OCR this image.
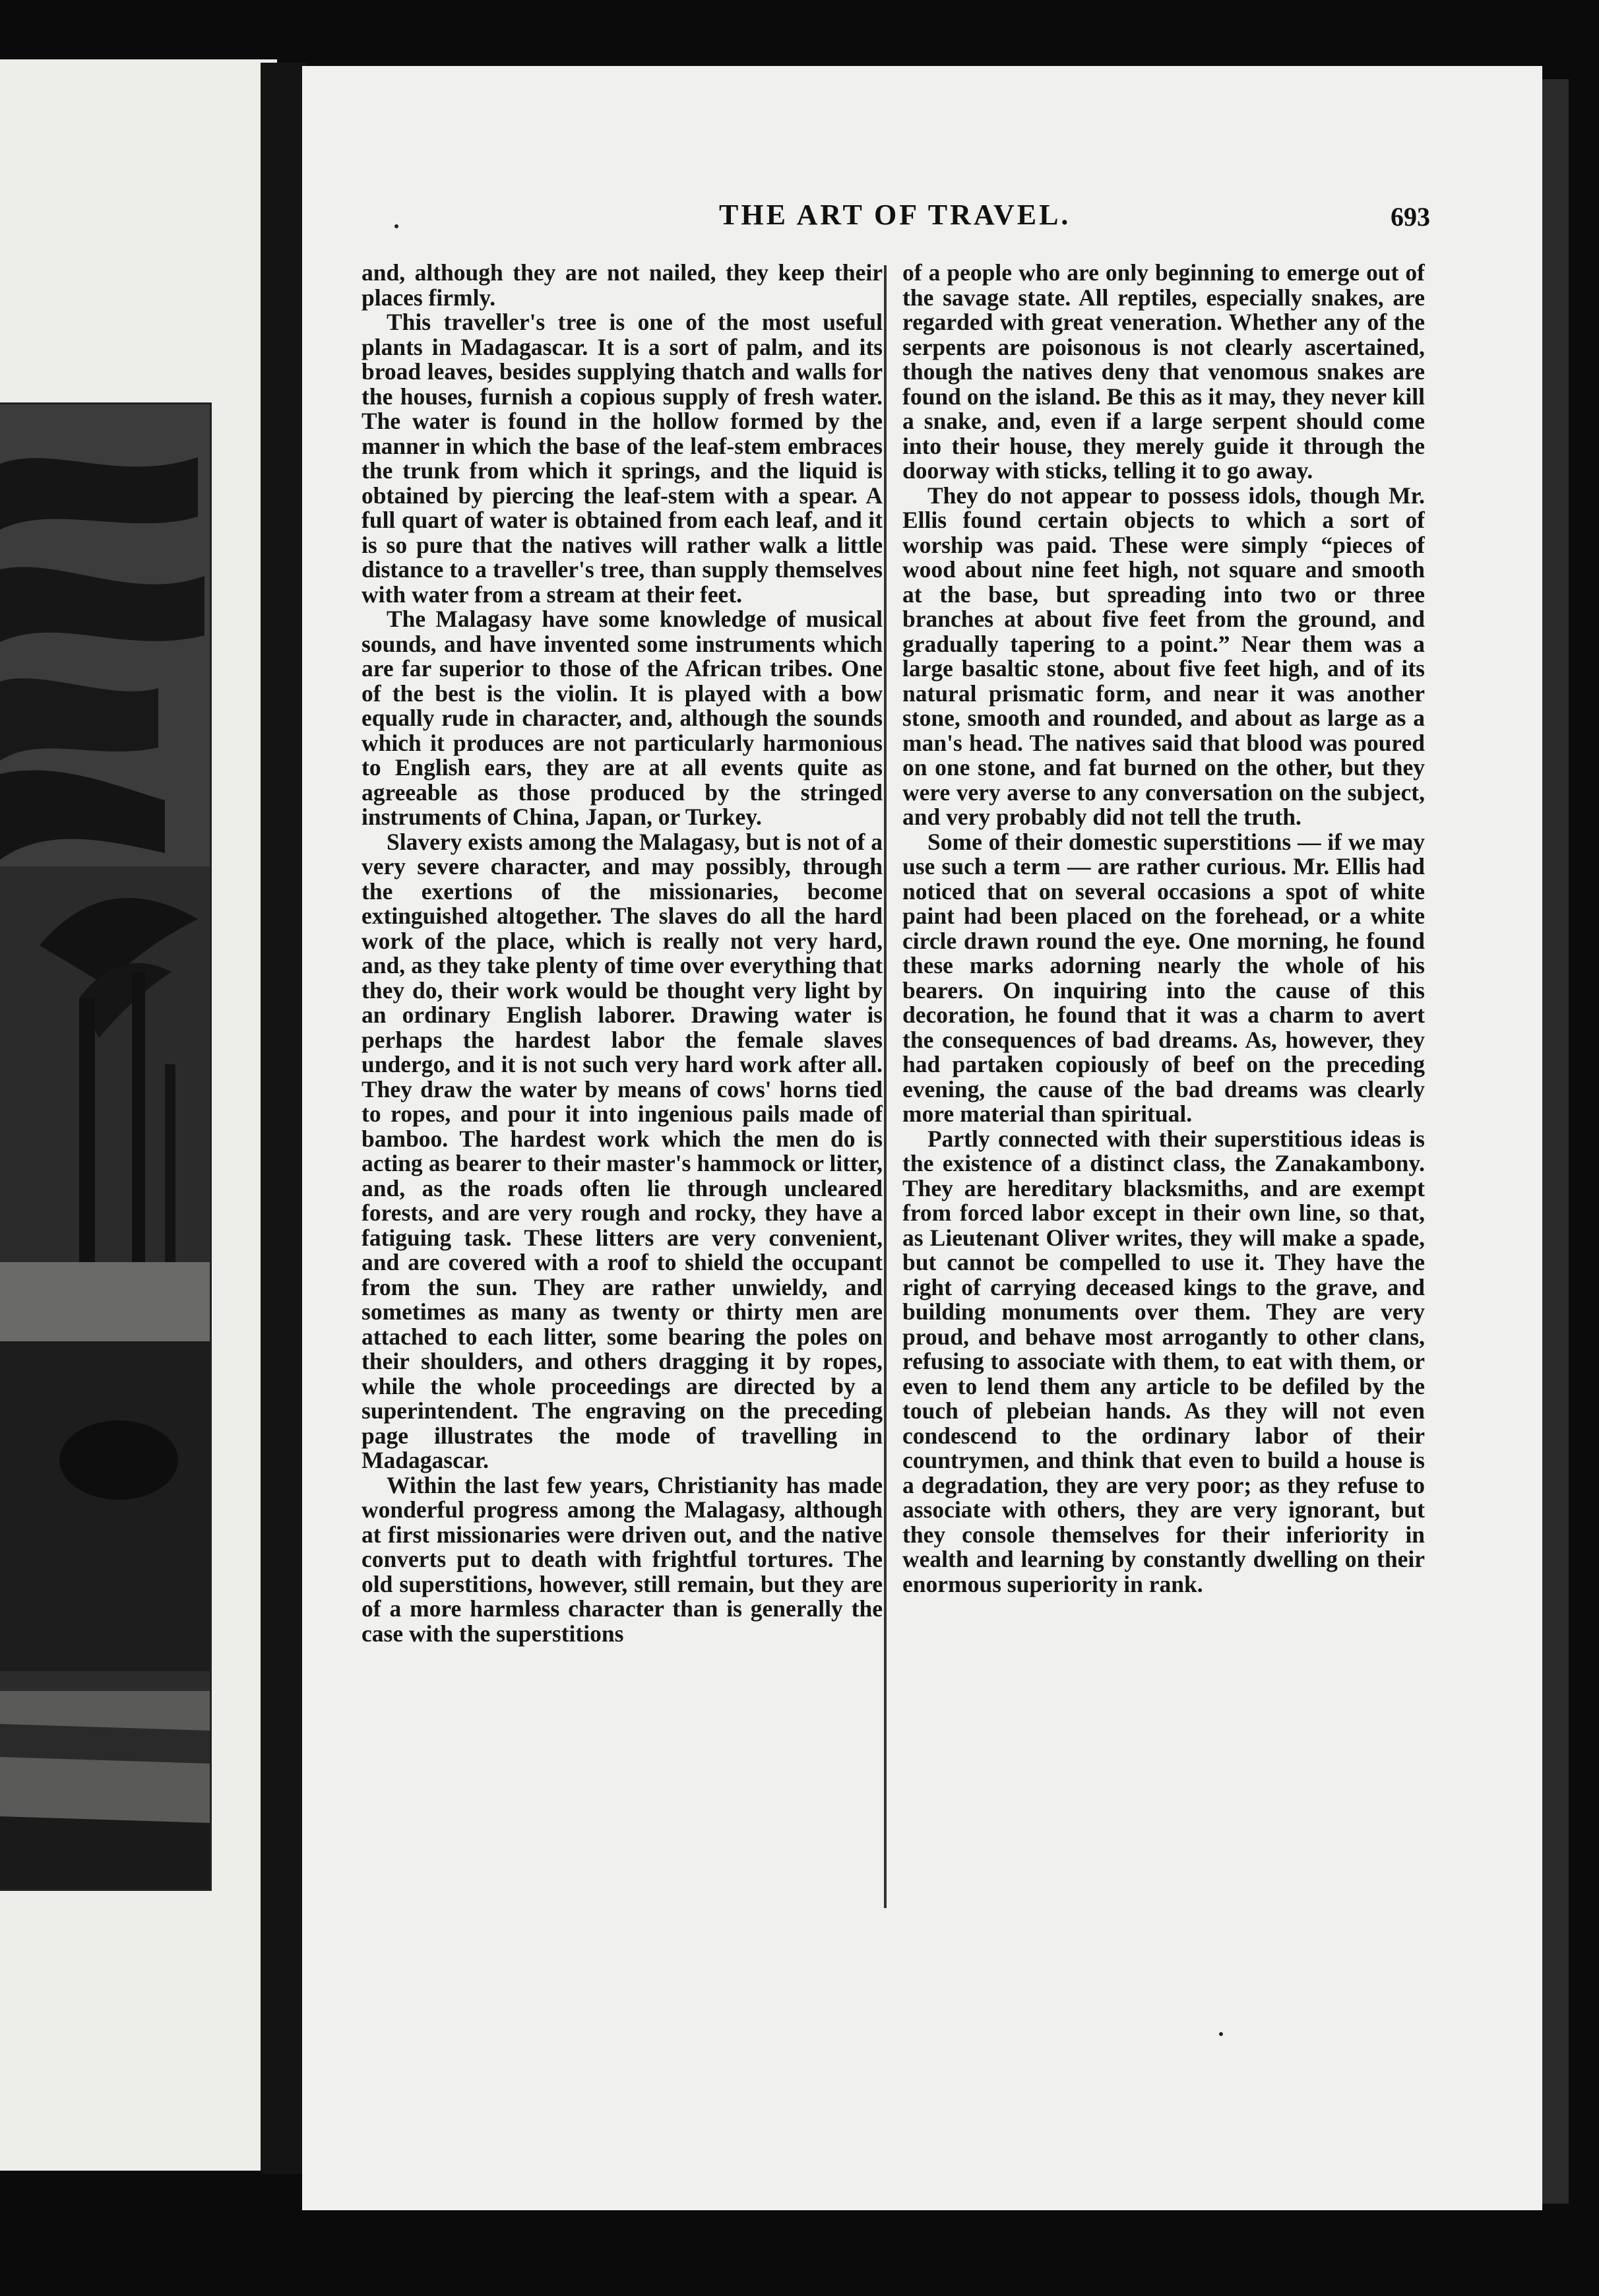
THE ART OF TRAVEL.	693

and, although they are not nailed, they keep their places firmly.

This traveller's tree is one of the most useful plants in Madagascar. It is a sort of palm, and its broad leaves, besides supplying thatch and walls for the houses, furnish a copious supply of fresh water. The water is found in the hollow formed by the manner in which the base of the leaf-stem embraces the trunk from which it springs, and the liquid is obtained by piercing the leaf-stem with a spear. A full quart of water is obtained from each leaf, and it is so pure that the natives will rather walk a little distance to a traveller's tree, than supply themselves with water from a stream at their feet.

The Malagasy have some knowledge of musical sounds, and have invented some instruments which are far superior to those of the African tribes. One of the best is the violin. It is played with a bow equally rude in character, and, although the sounds which it produces are not particularly harmonious to English ears, they are at all events quite as agreeable as those produced by the stringed instruments of China, Japan, or Turkey.

Slavery exists among the Malagasy, but is not of a very severe character, and may possibly, through the exertions of the missionaries, become extinguished altogether. The slaves do all the hard work of the place, which is really not very hard, and, as they take plenty of time over everything that they do, their work would be thought very light by an ordinary English laborer. Drawing water is perhaps the hardest labor the female slaves undergo, and it is not such very hard work after all. They draw the water by means of cows' horns tied to ropes, and pour it into ingenious pails made of bamboo. The hardest work which the men do is acting as bearer to their master's hammock or litter, and, as the roads often lie through uncleared forests, and are very rough and rocky, they have a fatiguing task. These litters are very convenient, and are covered with a roof to shield the occupant from the sun. They are rather unwieldy, and sometimes as many as twenty or thirty men are attached to each litter, some bearing the poles on their shoulders, and others dragging it by ropes, while the whole proceedings are directed by a superintendent. The engraving on the preceding page illustrates the mode of travelling in Madagascar.

Within the last few years, Christianity has made wonderful progress among the Malagasy, although at first missionaries were driven out, and the native converts put to death with frightful tortures. The old superstitions, however, still remain, but they are of a more harmless character than is generally the case with the superstitions

of a people who are only beginning to emerge out of the savage state. All reptiles, especially snakes, are regarded with great veneration. Whether any of the serpents are poisonous is not clearly ascertained, though the natives deny that venomous snakes are found on the island. Be this as it may, they never kill a snake, and, even if a large serpent should come into their house, they merely guide it through the doorway with sticks, telling it to go away.

They do not appear to possess idols, though Mr. Ellis found certain objects to which a sort of worship was paid. These were simply “pieces of wood about nine feet high, not square and smooth at the base, but spreading into two or three branches at about five feet from the ground, and gradually tapering to a point.” Near them was a large basaltic stone, about five feet high, and of its natural prismatic form, and near it was another stone, smooth and rounded, and about as large as a man's head. The natives said that blood was poured on one stone, and fat burned on the other, but they were very averse to any conversation on the subject, and very probably did not tell the truth.

Some of their domestic superstitions — if we may use such a term — are rather curious. Mr. Ellis had noticed that on several occasions a spot of white paint had been placed on the forehead, or a white circle drawn round the eye. One morning, he found these marks adorning nearly the whole of his bearers. On inquiring into the cause of this decoration, he found that it was a charm to avert the consequences of bad dreams. As, however, they had partaken copiously of beef on the preceding evening, the cause of the bad dreams was clearly more material than spiritual.

Partly connected with their superstitious ideas is the existence of a distinct class, the Zanakambony. They are hereditary blacksmiths, and are exempt from forced labor except in their own line, so that, as Lieutenant Oliver writes, they will make a spade, but cannot be compelled to use it. They have the right of carrying deceased kings to the grave, and building monuments over them. They are very proud, and behave most arrogantly to other clans, refusing to associate with them, to eat with them, or even to lend them any article to be defiled by the touch of plebeian hands. As they will not even condescend to the ordinary labor of their countrymen, and think that even to build a house is a degradation, they are very poor; as they refuse to associate with others, they are very ignorant, but they console themselves for their inferiority in wealth and learning by constantly dwelling on their enormous superiority in rank.
